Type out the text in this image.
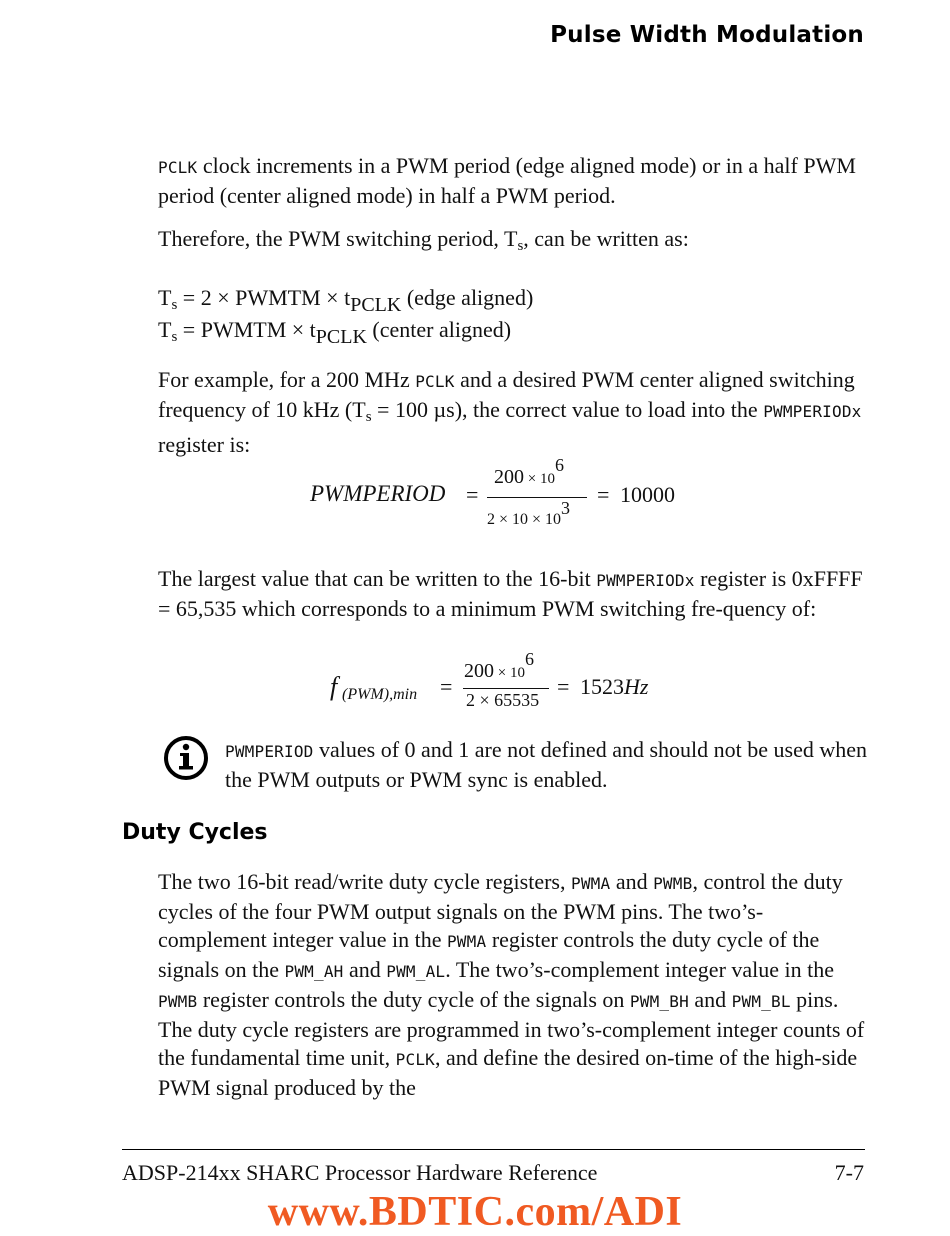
Pulse Width Modulation

PCLK clock increments in a PWM period (edge aligned mode) or in a half PWM period (center aligned mode) in half a PWM period.

Therefore, the PWM switching period, Ts, can be written as:

Ts = 2 × PWMTM × tPCLK (edge aligned)
Ts = PWMTM × tPCLK (center aligned)

For example, for a 200 MHz PCLK and a desired PWM center aligned switching frequency of 10 kHz (Ts = 100 µs), the correct value to load into the PWMPERIODx register is:

PWMPERIOD =
200 × 106
2 × 10 × 103
= 10000

The largest value that can be written to the 16-bit PWMPERIODx register is 0xFFFF = 65,535 which corresponds to a minimum PWM switching fre-quency of:

f (PWM),min =
200 × 106
2 × 65535
= 1523Hz
PWMPERIOD values of 0 and 1 are not defined and should not be used when the PWM outputs or PWM sync is enabled.
Duty Cycles

The two 16-bit read/write duty cycle registers, PWMA and PWMB, control the duty cycles of the four PWM output signals on the PWM pins. The two’s-complement integer value in the PWMA register controls the duty cycle of the signals on the PWM_AH and PWM_AL. The two’s-complement integer value in the PWMB register controls the duty cycle of the signals on PWM_BH and PWM_BL pins. The duty cycle registers are programmed in two’s-complement integer counts of the fundamental time unit, PCLK, and define the desired on-time of the high-side PWM signal produced by the

ADSP-214xx SHARC Processor Hardware Reference	7-7
www.BDTIC.com/ADI
